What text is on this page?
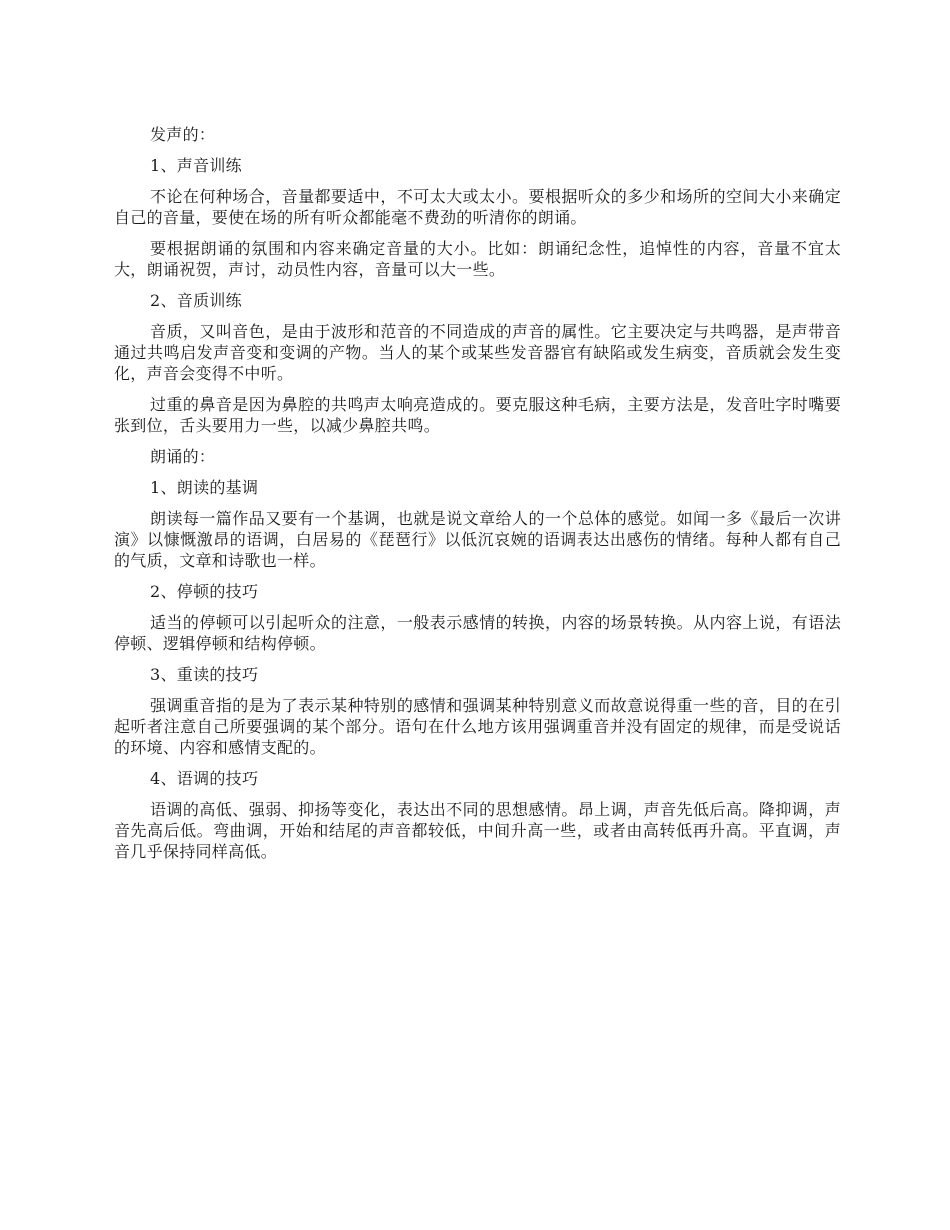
发声的：

1、声音训练

不论在何种场合，音量都要适中，不可太大或太小。要根据听众的多少和场所的空间大小来确定自己的音量，要使在场的所有听众都能毫不费劲的听清你的朗诵。

要根据朗诵的氛围和内容来确定音量的大小。比如：朗诵纪念性，追悼性的内容，音量不宜太大，朗诵祝贺，声讨，动员性内容，音量可以大一些。

2、音质训练

音质，又叫音色，是由于波形和范音的不同造成的声音的属性。它主要决定与共鸣器，是声带音通过共鸣启发声音变和变调的产物。当人的某个或某些发音器官有缺陷或发生病变，音质就会发生变化，声音会变得不中听。

过重的鼻音是因为鼻腔的共鸣声太响亮造成的。要克服这种毛病，主要方法是，发音吐字时嘴要张到位，舌头要用力一些，以减少鼻腔共鸣。

朗诵的：

1、朗读的基调

朗读每一篇作品又要有一个基调，也就是说文章给人的一个总体的感觉。如闻一多《最后一次讲演》以慷慨激昂的语调，白居易的《琵琶行》以低沉哀婉的语调表达出感伤的情绪。每种人都有自己的气质，文章和诗歌也一样。

2、停顿的技巧

适当的停顿可以引起听众的注意，一般表示感情的转换，内容的场景转换。从内容上说，有语法停顿、逻辑停顿和结构停顿。

3、重读的技巧

强调重音指的是为了表示某种特别的感情和强调某种特别意义而故意说得重一些的音，目的在引起听者注意自己所要强调的某个部分。语句在什么地方该用强调重音并没有固定的规律，而是受说话的环境、内容和感情支配的。

4、语调的技巧

语调的高低、强弱、抑扬等变化，表达出不同的思想感情。昂上调，声音先低后高。降抑调，声音先高后低。弯曲调，开始和结尾的声音都较低，中间升高一些，或者由高转低再升高。平直调，声音几乎保持同样高低。
